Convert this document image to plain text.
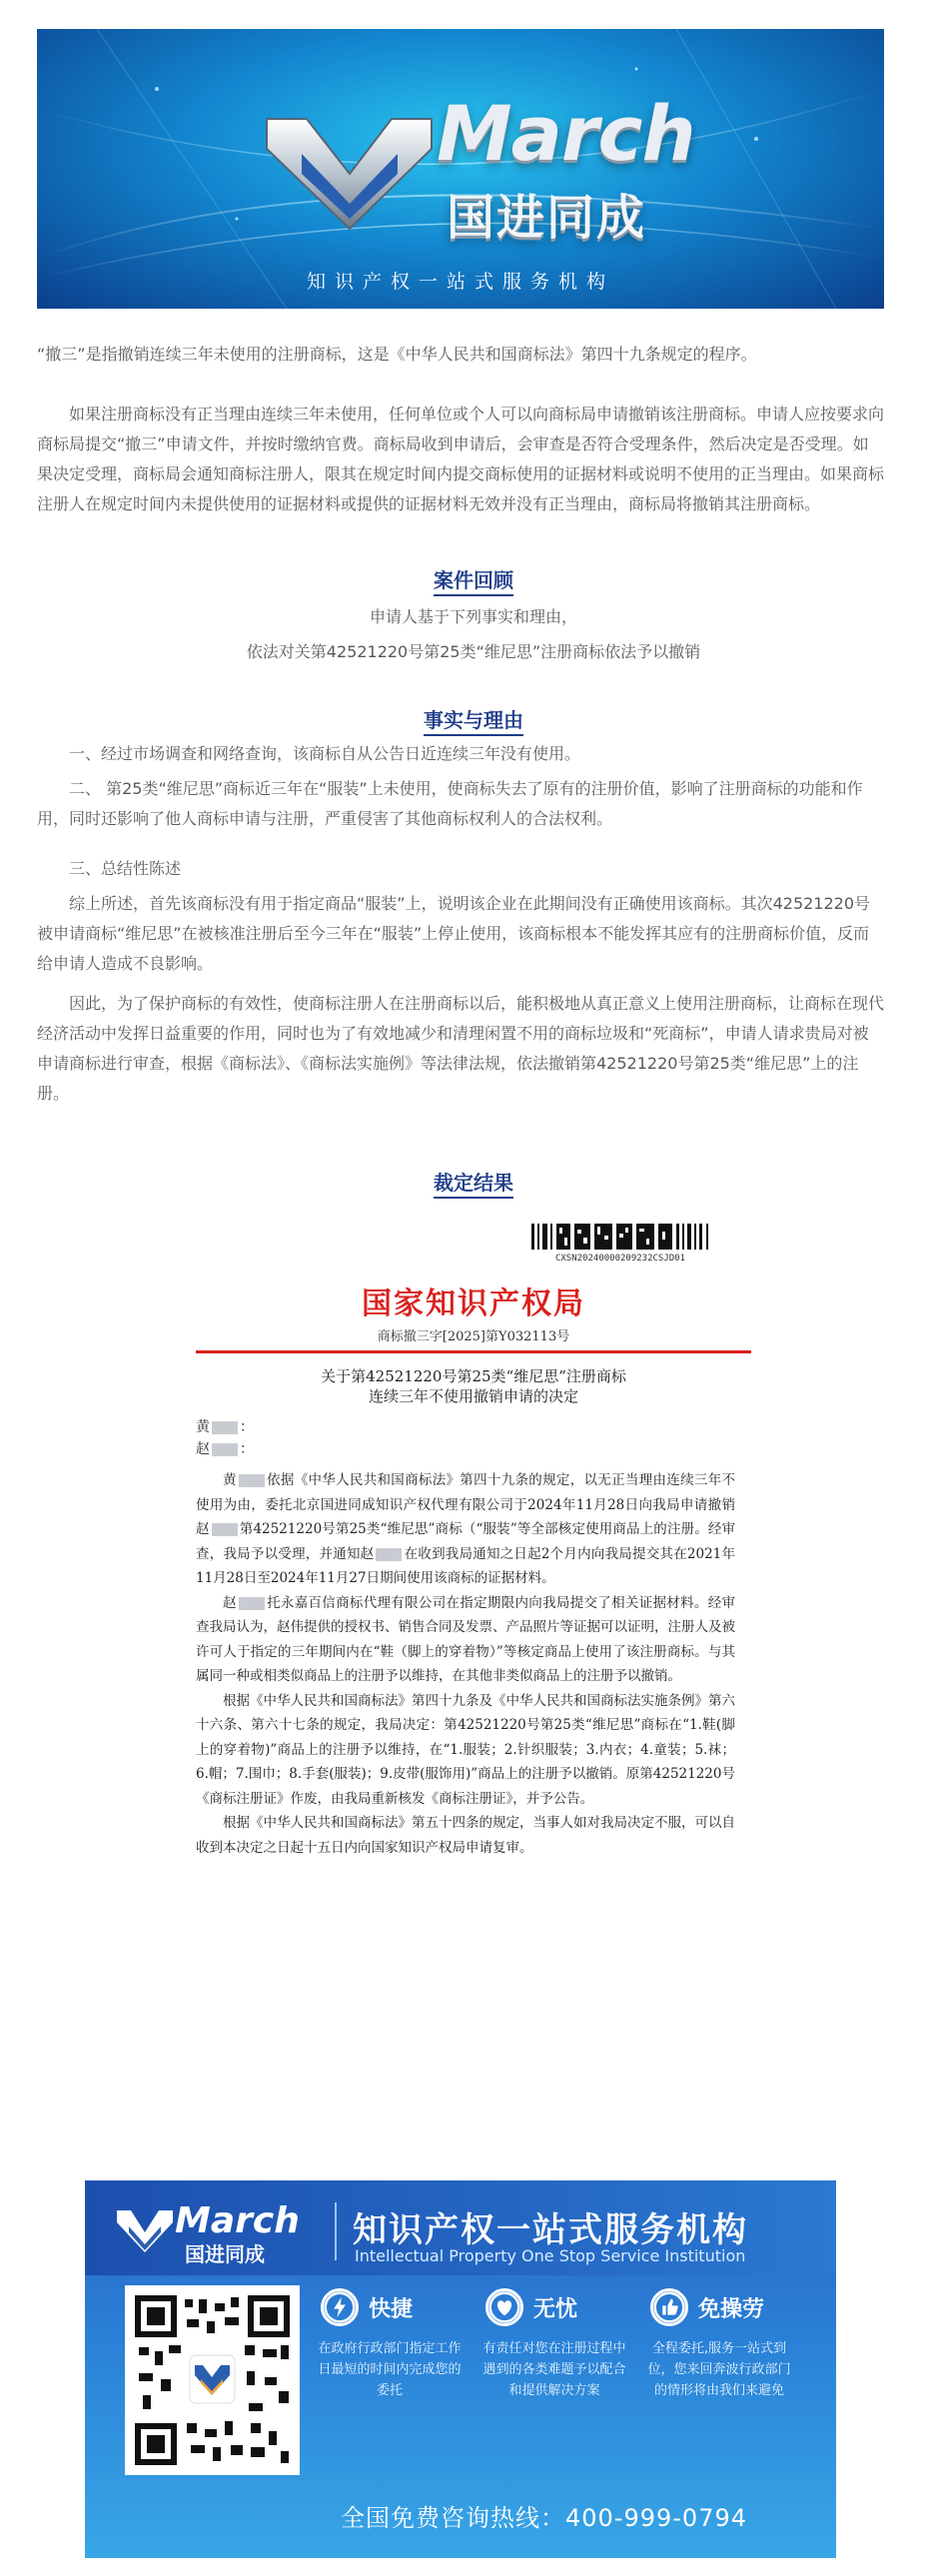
March
国进同成
知识产权一站式服务机构

“撤三”是指撤销连续三年未使用的注册商标，这是《中华人民共和国商标法》第四十九条规定的程序。

如果注册商标没有正当理由连续三年未使用，任何单位或个人可以向商标局申请撤销该注册商标。申请人应按要求向商标局提交“撤三”申请文件，并按时缴纳官费。商标局收到申请后，会审查是否符合受理条件，然后决定是否受理。如果决定受理，商标局会通知商标注册人，限其在规定时间内提交商标使用的证据材料或说明不使用的正当理由。如果商标注册人在规定时间内未提供使用的证据材料或提供的证据材料无效并没有正当理由，商标局将撤销其注册商标。

案件回顾
申请人基于下列事实和理由，
依法对关第42521220号第25类“维尼思”注册商标依法予以撤销
事实与理由

一、经过市场调查和网络查询，该商标自从公告日近连续三年没有使用。

二、 第25类“维尼思”商标近三年在“服装”上未使用，使商标失去了原有的注册价值，影响了注册商标的功能和作用，同时还影响了他人商标申请与注册，严重侵害了其他商标权利人的合法权利。

三、总结性陈述

综上所述，首先该商标没有用于指定商品“服装”上，说明该企业在此期间没有正确使用该商标。其次42521220号被申请商标“维尼思”在被核准注册后至今三年在“服装”上停止使用，该商标根本不能发挥其应有的注册商标价值，反而给申请人造成不良影响。

因此，为了保护商标的有效性，使商标注册人在注册商标以后，能积极地从真正意义上使用注册商标，让商标在现代经济活动中发挥日益重要的作用，同时也为了有效地减少和清理闲置不用的商标垃圾和“死商标”，申请人请求贵局对被申请商标进行审查，根据《商标法》、《商标法实施例》等法律法规，依法撤销第42521220号第25类“维尼思”上的注册。

裁定结果
CXSN20240000209232CSJD01
国家知识产权局
商标撤三字[2025]第Y032113号
关于第42521220号第25类“维尼思”注册商标
连续三年不使用撤销申请的决定
黄 ：
赵 ：

黄 依据《中华人民共和国商标法》第四十九条的规定，以无正当理由连续三年不使用为由，委托北京国进同成知识产权代理有限公司于2024年11月28日向我局申请撤销赵 第42521220号第25类“维尼思”商标（“服装”等全部核定使用商品上的注册。经审查，我局予以受理，并通知赵 在收到我局通知之日起2个月内向我局提交其在2021年11月28日至2024年11月27日期间使用该商标的证据材料。

赵 托永嘉百信商标代理有限公司在指定期限内向我局提交了相关证据材料。经审查我局认为，赵伟提供的授权书、销售合同及发票、产品照片等证据可以证明，注册人及被许可人于指定的三年期间内在“鞋（脚上的穿着物）”等核定商品上使用了该注册商标。与其属同一种或相类似商品上的注册予以维持，在其他非类似商品上的注册予以撤销。

根据《中华人民共和国商标法》第四十九条及《中华人民共和国商标法实施条例》第六十六条、第六十七条的规定，我局决定：第42521220号第25类“维尼思”商标在“1.鞋(脚上的穿着物)”商品上的注册予以维持，在“1.服装；2.针织服装；3.内衣；4.童装；5.袜；6.帽；7.围巾；8.手套(服装)；9.皮带(服饰用)”商品上的注册予以撤销。原第42521220号《商标注册证》作废，由我局重新核发《商标注册证》，并予公告。

根据《中华人民共和国商标法》第五十四条的规定，当事人如对我局决定不服，可以自收到本决定之日起十五日内向国家知识产权局申请复审。

March
国进同成
知识产权一站式服务机构
Intellectual Property One Stop Service Institution
快捷
在政府行政部门指定工作日最短的时间内完成您的委托
无忧
有责任对您在注册过程中遇到的各类难题予以配合和提供解决方案
免操劳
全程委托,服务一站式到位，您来回奔波行政部门的情形将由我们来避免
全国免费咨询热线：400-999-0794
